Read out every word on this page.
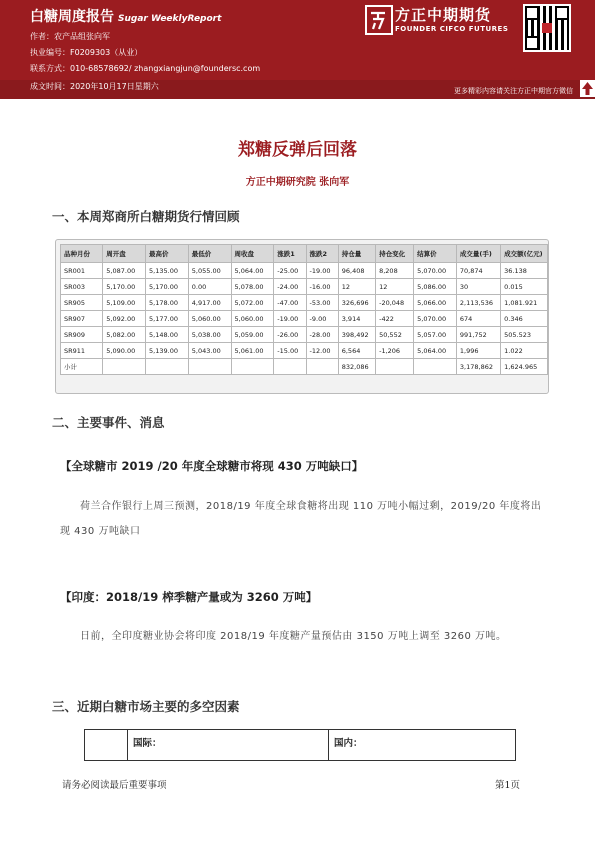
白糖周度报告 Sugar WeeklyReport
作者：农产品组张向军
执业编号：F0209303（从业）
联系方式：010-68578692/ zhangxiangjun@foundersc.com
成文时间：2020年10月17日星期六
方正中期期货
FOUNDER CIFCO FUTURES
更多精彩内容请关注方正中期官方微信
郑糖反弹后回落
方正中期研究院 张向军
一、本周郑商所白糖期货行情回顾
品种月份	周开盘	最高价	最低价	周收盘	涨跌1	涨跌2	持仓量	持仓变化	结算价	成交量(手)	成交额(亿元)
SR001	5,087.00	5,135.00	5,055.00	5,064.00	-25.00	-19.00	96,408	8,208	5,070.00	70,874	36.138
SR003	5,170.00	5,170.00	0.00	5,078.00	-24.00	-16.00	12	12	5,086.00	30	0.015
SR905	5,109.00	5,178.00	4,917.00	5,072.00	-47.00	-53.00	326,696	-20,048	5,066.00	2,113,536	1,081.921
SR907	5,092.00	5,177.00	5,060.00	5,060.00	-19.00	-9.00	3,914	-422	5,070.00	674	0.346
SR909	5,082.00	5,148.00	5,038.00	5,059.00	-26.00	-28.00	398,492	50,552	5,057.00	991,752	505.523
SR911	5,090.00	5,139.00	5,043.00	5,061.00	-15.00	-12.00	6,564	-1,206	5,064.00	1,996	1.022
小计							832,086			3,178,862	1,624.965
二、主要事件、消息
【全球糖市 2019 /20 年度全球糖市将现 430 万吨缺口】
荷兰合作银行上周三预测，2018/19 年度全球食糖将出现 110 万吨小幅过剩，2019/20 年度将出现 430 万吨缺口
【印度：2018/19 榨季糖产量或为 3260 万吨】
日前，全印度糖业协会将印度 2018/19 年度糖产量预估由 3150 万吨上调至 3260 万吨。
三、近期白糖市场主要的多空因素
国际：	国内：
请务必阅读最后重要事项	第1页
